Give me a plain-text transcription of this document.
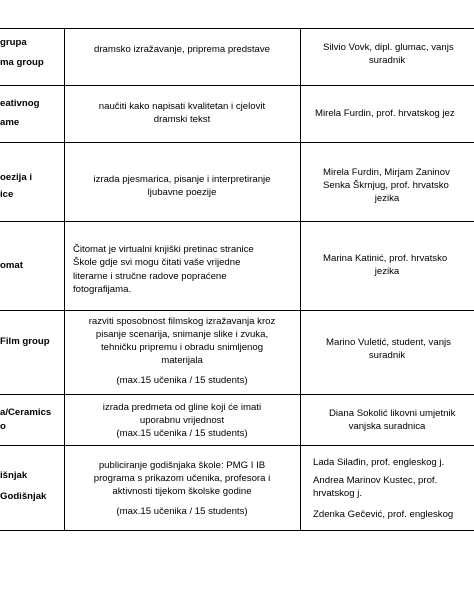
grupa
ma group
dramsko izražavanje, priprema predstave	Silvio Vovk, dipl. glumac, vanjs
suradnik
eativnog
ame
naučiti kako napisati kvalitetan i cjelovit
dramski tekst
Mirela Furdin, prof. hrvatskog jez
oezija i
ice
izrada pjesmarica, pisanje i interpretiranje
ljubavne poezije
Mirela Furdin, Mirjam Zaninov
Senka Škrnjug, prof. hrvatsko
jezika
omat
Čitomat je virtualni knjiški pretinac stranice
Škole gdje svi mogu čitati vaše vrijedne
literarne i stručne radove popraćene
fotografijama.
Marina Katinić, prof. hrvatsko
jezika
Film group
razviti sposobnost filmskog izražavanja kroz
pisanje scenarija, snimanje slike i zvuka,
tehničku pripremu i obradu snimljenog
materijala
(max.15 učenika / 15 students)
Marino Vuletić, student, vanjs
suradnik
a/Ceramics
o
izrada predmeta od gline koji će imati
uporabnu vrijednost
(max.15 učenika / 15 students)
Diana Sokolić likovni umjetnik
vanjska suradnica
išnjak
Godišnjak
publiciranje godišnjaka škole: PMG I IB
programa s prikazom učenika, profesora i
aktivnosti tijekom školske godine
(max.15 učenika / 15 students)
Lada Silađin, prof. engleskog j.
Andrea Marinov Kustec, prof.
hrvatskog j.
Zdenka Gečević, prof. engleskog
